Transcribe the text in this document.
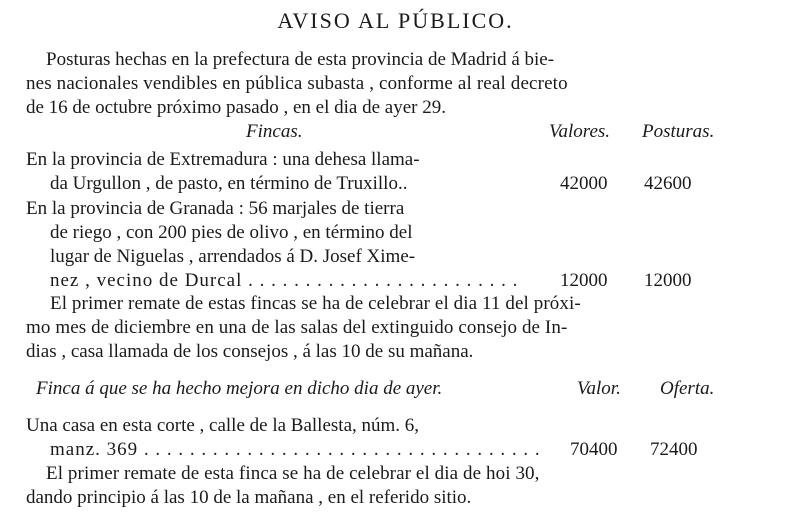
AVISO AL PÚBLICO.
Posturas hechas en la prefectura de esta provincia de Madrid á bie-
nes nacionales vendibles en pública subasta , conforme al real decreto
de 16 de octubre próximo pasado , en el dia de ayer 29.
Fincas.	Valores. Posturas.
En la provincia de Extremadura : una dehesa llama-
da Urgullon , de pasto, en término de Truxillo..	42000 42600
En la provincia de Granada : 56 marjales de tierra
de riego , con 200 pies de olivo , en término del
lugar de Niguelas , arrendados á D. Josef Xime-
nez , vecino de Durcal . . . . . . . . . . . . . . . . . . . . . . . . 12000 12000
El primer remate de estas fincas se ha de celebrar el dia 11 del próxi-
mo mes de diciembre en una de las salas del extinguido consejo de In-
dias , casa llamada de los consejos , á las 10 de su mañana.
Finca á que se ha hecho mejora en dicho dia de ayer.	Valor. Oferta.
Una casa en esta corte , calle de la Ballesta, núm. 6,
manz. 369 . . . . . . . . . . . . . . . . . . . . . . . . . . . . . . . . . . . 70400 72400
El primer remate de esta finca se ha de celebrar el dia de hoi 30,
dando principio á las 10 de la mañana , en el referido sitio.
